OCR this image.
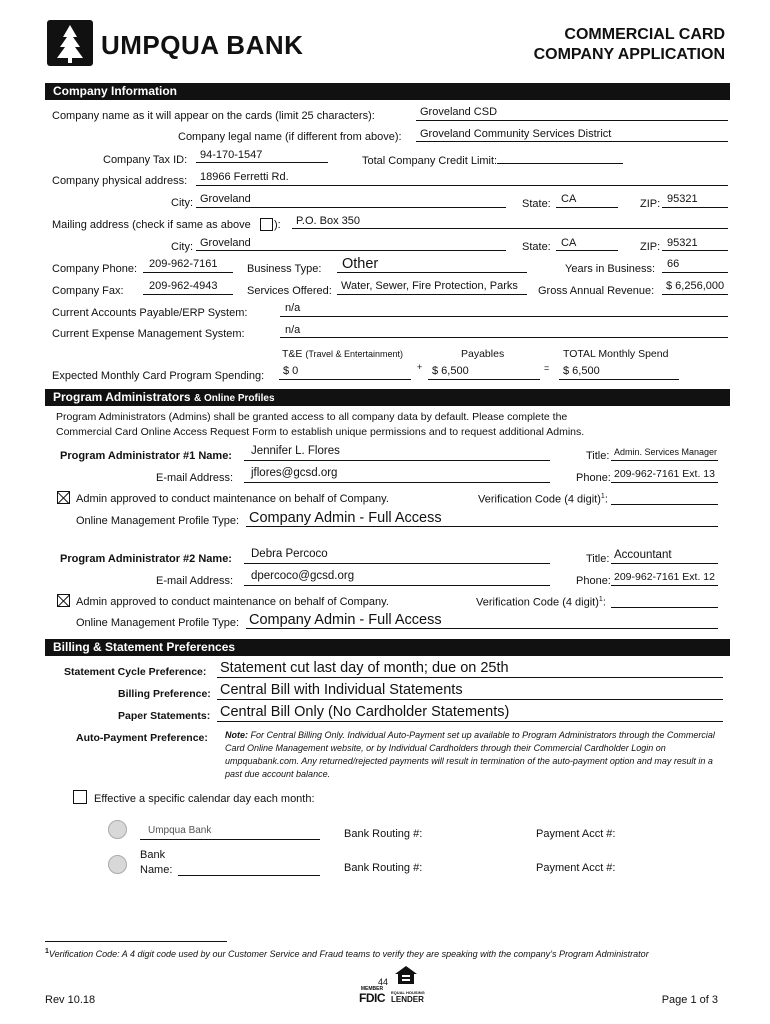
UMPQUA BANK	COMMERCIAL CARD
COMPANY APPLICATION
Company Information
Company name as it will appear on the cards (limit 25 characters):	Groveland CSD
Company legal name (if different from above): Groveland Community Services District
Company Tax ID: 94-170-1547	Total Company Credit Limit:
Company physical address: 18966 Ferretti Rd.
City: Groveland	State: CA	ZIP: 95321
Mailing address (check if same as above ): P.O. Box 350
City: Groveland	State: CA	ZIP: 95321
Company Phone: 209-962-7161	Business Type: Other	Years in Business: 66
Company Fax: 209-962-4943	Services Offered: Water, Sewer, Fire Protection, Parks Gross Annual Revenue: $ 6,256,000
Current Accounts Payable/ERP System:	n/a
Current Expense Management System:	n/a
T&E (Travel & Entertainment)	Payables	TOTAL Monthly Spend
Expected Monthly Card Program Spending: $ 0	+ $ 6,500	= $ 6,500
Program Administrators & Online Profiles
Program Administrators (Admins) shall be granted access to all company data by default. Please complete the
Commercial Card Online Access Request Form to establish unique permissions and to request additional Admins.
Program Administrator #1 Name: Jennifer L. Flores	Title: Admin. Services Manager
E-mail Address: jflores@gcsd.org	Phone: 209-962-7161 Ext. 13
Admin approved to conduct maintenance on behalf of Company.	Verification Code (4 digit)$^1$:
Online Management Profile Type: Company Admin - Full Access
Program Administrator #2 Name: Debra Percoco	Title: Accountant
E-mail Address: dpercoco@gcsd.org	Phone: 209-962-7161 Ext. 12
Admin approved to conduct maintenance on behalf of Company.	Verification Code (4 digit)$^1$:
Online Management Profile Type: Company Admin - Full Access
Billing & Statement Preferences
Statement Cycle Preference: Statement cut last day of month; due on 25th
Billing Preference: Central Bill with Individual Statements
Paper Statements: Central Bill Only (No Cardholder Statements)
Auto-Payment Preference: Note: For Central Billing Only. Individual Auto-Payment set up available to Program Administrators through the Commercial Card Online Management website, or by Individual Cardholders through their Commercial Cardholder Login on umpquabank.com. Any returned/rejected payments will result in termination of the auto-payment option and may result in a past due account balance.
Effective a specific calendar day each month:
Umpqua Bank	Bank Routing #:	Payment Acct #:
Bank
Name:	Bank Routing #:	Payment Acct #:
$^1$Verification Code: A 4 digit code used by our Customer Service and Fraud teams to verify they are speaking with the company’s Program Administrator
44
MEMBER
FDIC	EQUAL HOUSING
LENDER
Rev 10.18	Page 1 of 3
